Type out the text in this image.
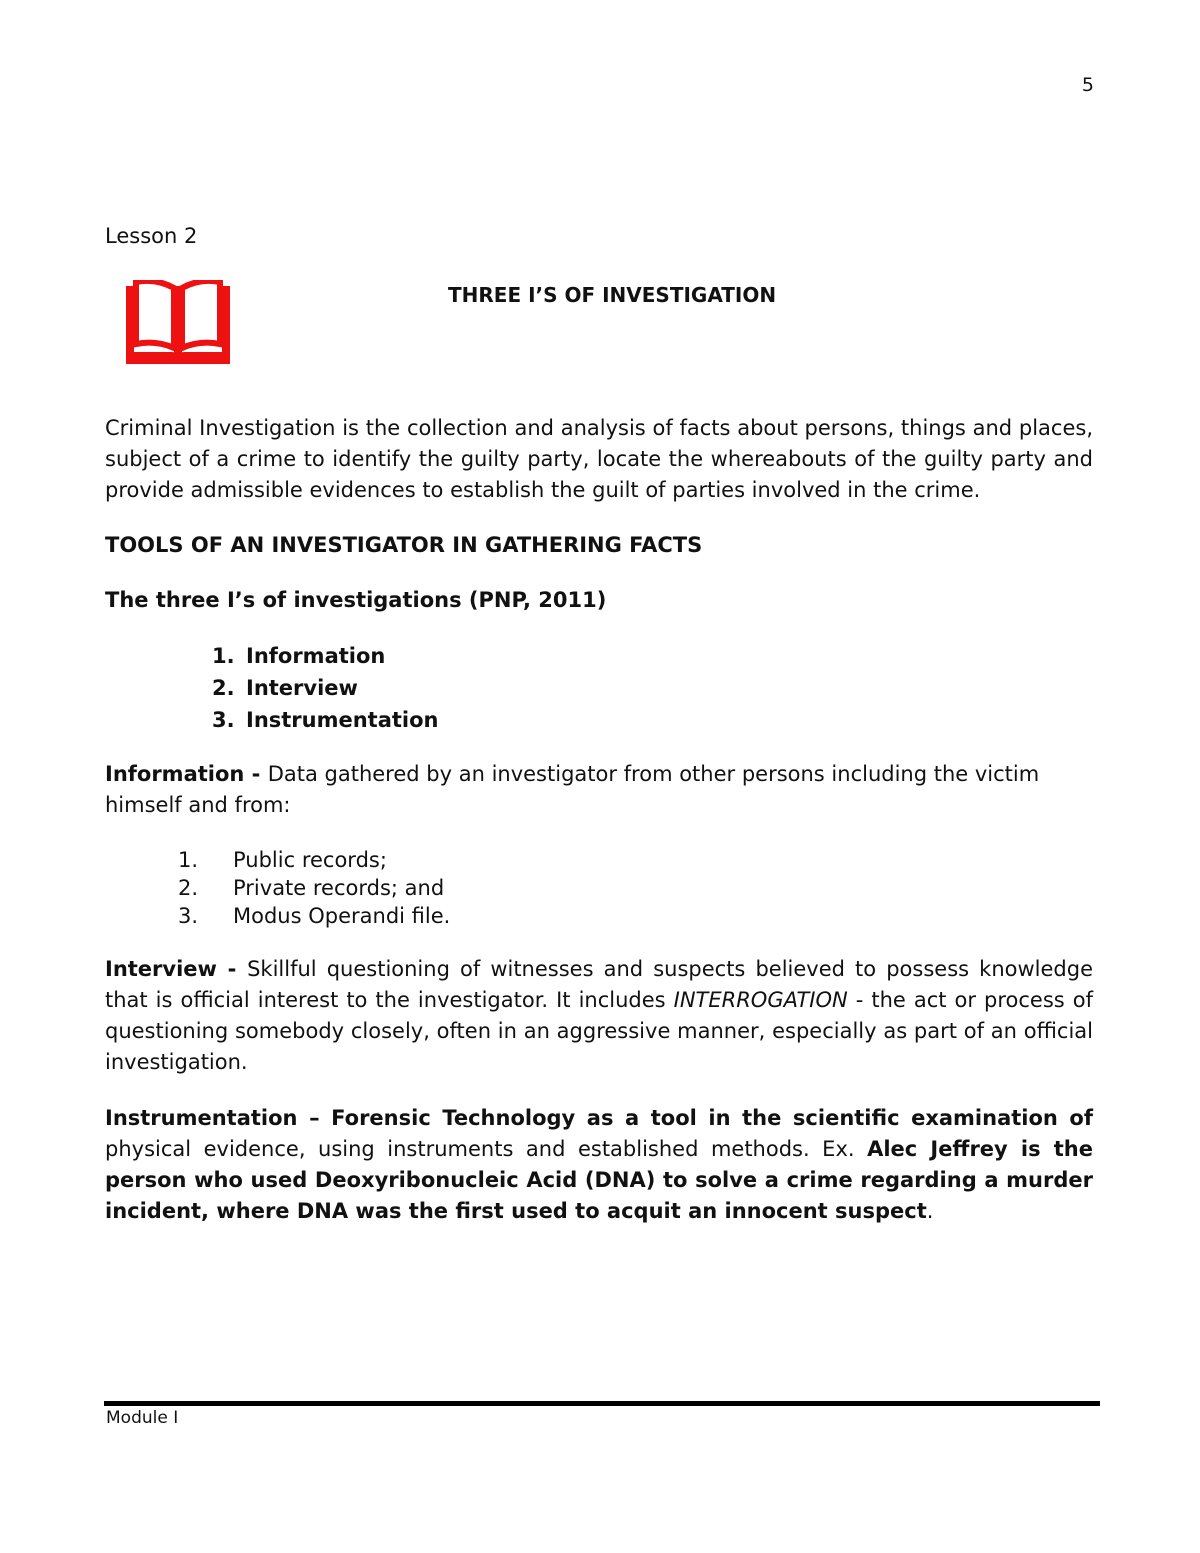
5
Lesson 2
THREE I’S OF INVESTIGATION

Criminal Investigation is the collection and analysis of facts about persons, things and places, subject of a crime to identify the guilty party, locate the whereabouts of the guilty party and provide admissible evidences to establish the guilt of parties involved in the crime.

TOOLS OF AN INVESTIGATOR IN GATHERING FACTS
The three I’s of investigations (PNP, 2011)
1. Information
2. Interview
3. Instrumentation

Information - Data gathered by an investigator from other persons including the victim himself and from:

1. Public records;
2. Private records; and
3. Modus Operandi file.

Interview - Skillful questioning of witnesses and suspects believed to possess knowledge that is official interest to the investigator. It includes INTERROGATION - the act or process of questioning somebody closely, often in an aggressive manner, especially as part of an official investigation.

Instrumentation – Forensic Technology as a tool in the scientific examination of physical evidence, using instruments and established methods. Ex. Alec Jeffrey is the person who used Deoxyribonucleic Acid (DNA) to solve a crime regarding a murder incident, where DNA was the first used to acquit an innocent suspect.

Module I
